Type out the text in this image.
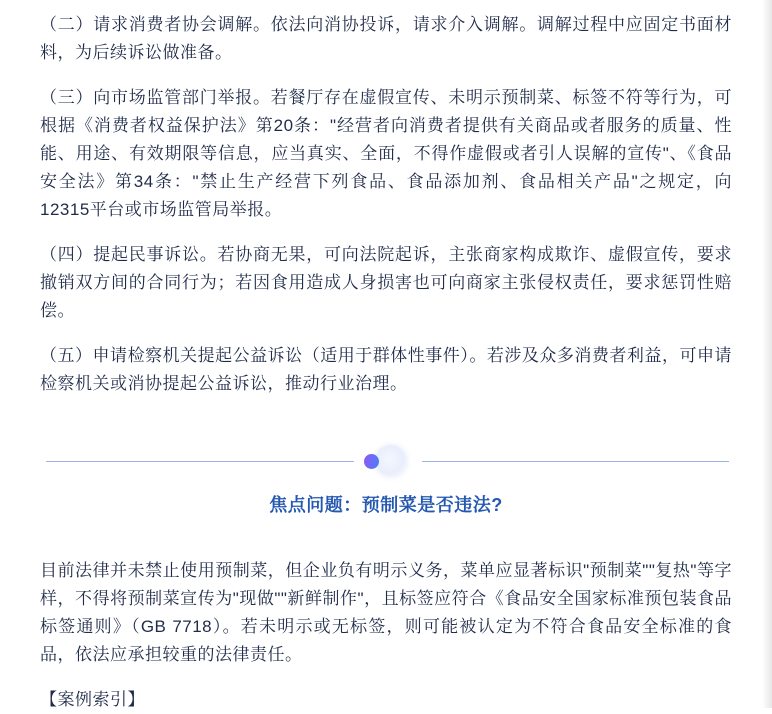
（二）请求消费者协会调解。依法向消协投诉，请求介入调解。调解过程中应固定书面材料，为后续诉讼做准备。

（三）向市场监管部门举报。若餐厅存在虚假宣传、未明示预制菜、标签不符等行为，可根据《消费者权益保护法》第20条："经营者向消费者提供有关商品或者服务的质量、性能、用途、有效期限等信息，应当真实、全面，不得作虚假或者引人误解的宣传"、《食品安全法》第34条："禁止生产经营下列食品、食品添加剂、食品相关产品"之规定，向12315平台或市场监管局举报。

（四）提起民事诉讼。若协商无果，可向法院起诉，主张商家构成欺诈、虚假宣传，要求撤销双方间的合同行为；若因食用造成人身损害也可向商家主张侵权责任，要求惩罚性赔偿。

（五）申请检察机关提起公益诉讼（适用于群体性事件）。若涉及众多消费者利益，可申请检察机关或消协提起公益诉讼，推动行业治理。

焦点问题：预制菜是否违法?

目前法律并未禁止使用预制菜，但企业负有明示义务，菜单应显著标识"预制菜""复热"等字样，不得将预制菜宣传为"现做""新鲜制作"，且标签应符合《食品安全国家标准预包装食品标签通则》（GB 7718）。若未明示或无标签，则可能被认定为不符合食品安全标准的食品，依法应承担较重的法律责任。

【案例索引】
